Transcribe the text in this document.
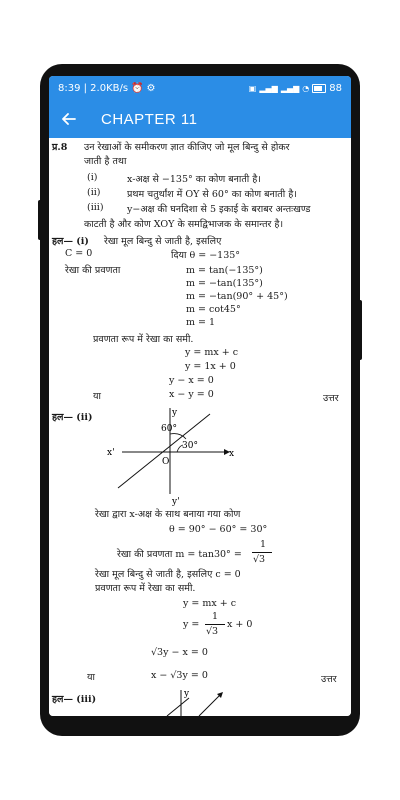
8:39 | 2.0KB/s ⏰ ⚙	▣ ▂▄▆ ▂▄▆ ◔ 88
CHAPTER 11
प्र.8 उन रेखाओं के समीकरण ज्ञात कीजिए जो मूल बिन्दु से होकर
जाती है तथा
(i)	x-अक्ष से −135° का कोण बनाती है।
(ii)	प्रथम चतुर्थांश में OY से 60° का कोण बनाती है।
(iii) y−अक्ष की घनदिशा से 5 इकाई के बराबर अन्तःखण्ड
काटती है और कोण XOY के समद्विभाजक के समान्तर है।
हल— (i) रेखा मूल बिन्दु से जाती है, इसलिए
C = 0	दिया θ = −135°
रेखा की प्रवणता	m = tan(−135°)
m = −tan(135°)
m = −tan(90° + 45°)
m = cot45°
m = 1
प्रवणता रूप में रेखा का समी.
y = mx + c
y = 1x + 0
y − x = 0
या	x − y = 0	उत्तर
हल— (ii)	y
60°
30°
x'
O
x
y'
रेखा द्वारा x-अक्ष के साथ बनाया गया कोण
θ = 90° − 60° = 30°
रेखा की प्रवणता m = tan30° =
1
√3
रेखा मूल बिन्दु से जाती है, इसलिए c = 0
प्रवणता रूप में रेखा का समी.
y = mx + c
y =
1
√3
x + 0
√3y − x = 0
या	x − √3y = 0	उत्तर
हल— (iii)	y
